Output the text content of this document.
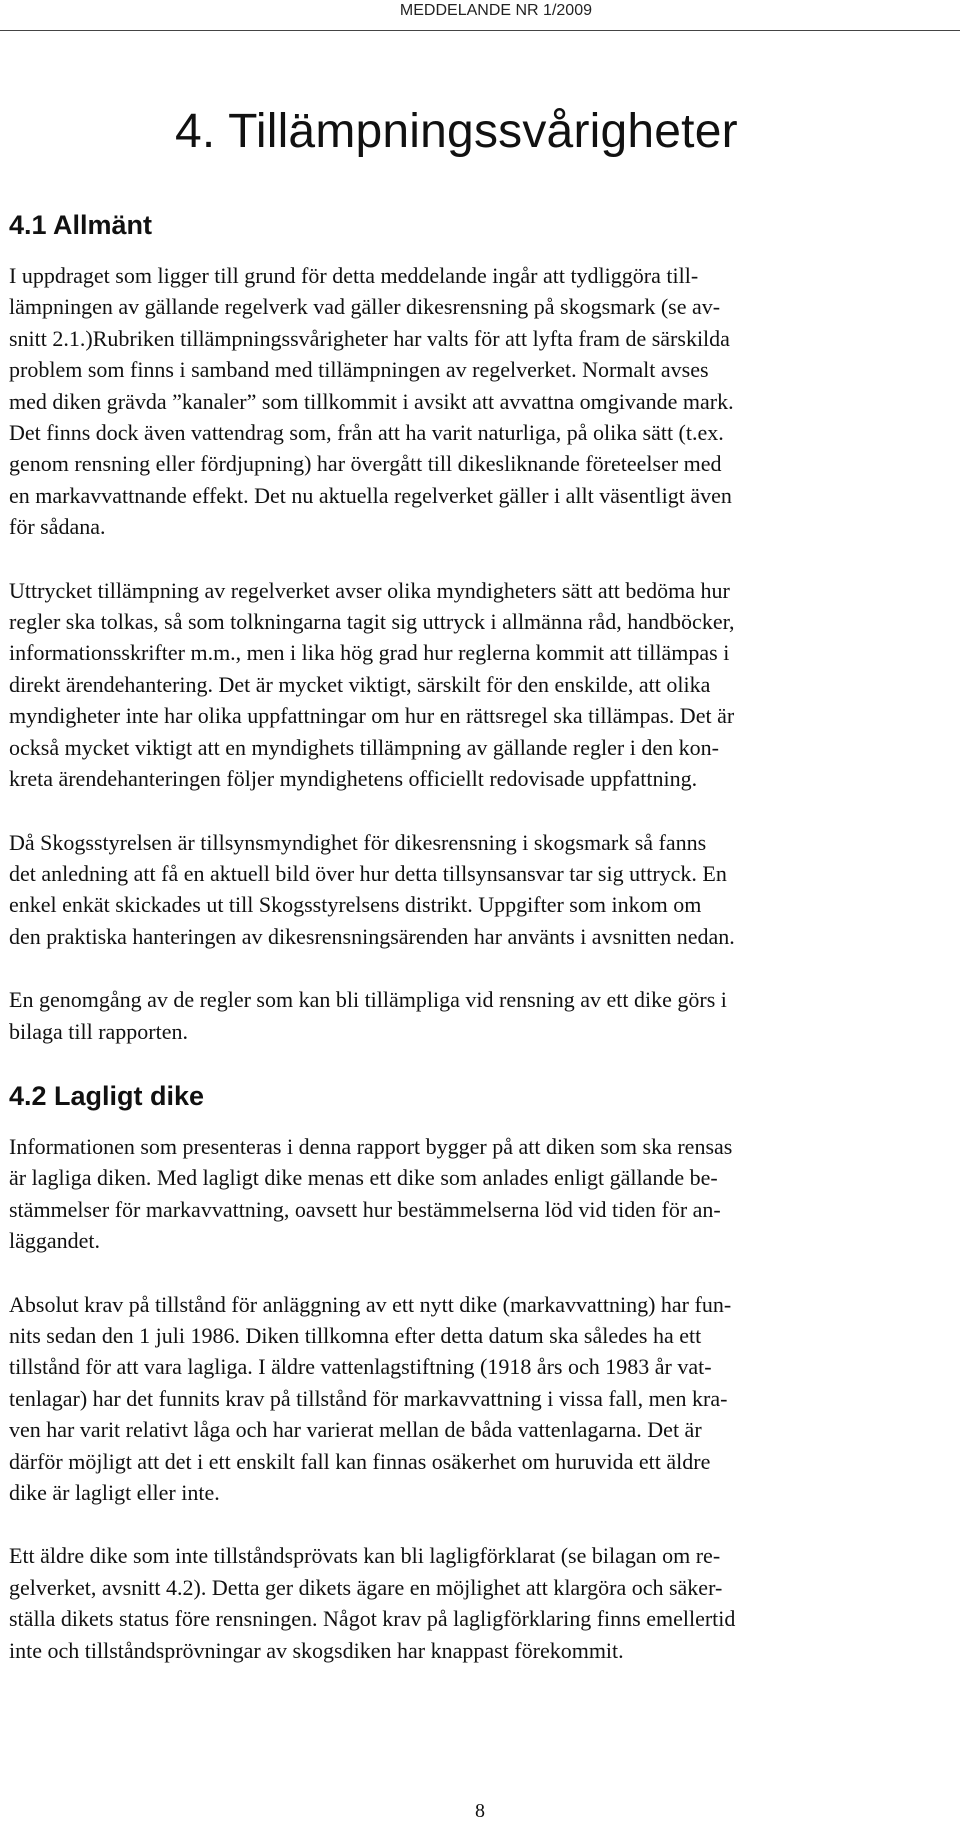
MEDDELANDE NR 1/2009
4. Tillämpningssvårigheter
4.1 Allmänt

I uppdraget som ligger till grund för detta meddelande ingår att tydliggöra till-
lämpningen av gällande regelverk vad gäller dikesrensning på skogsmark (se av-
snitt 2.1.)Rubriken tillämpningssvårigheter har valts för att lyfta fram de särskilda
problem som finns i samband med tillämpningen av regelverket. Normalt avses
med diken grävda ”kanaler” som tillkommit i avsikt att avvattna omgivande mark.
Det finns dock även vattendrag som, från att ha varit naturliga, på olika sätt (t.ex.
genom rensning eller fördjupning) har övergått till dikesliknande företeelser med
en markavvattnande effekt. Det nu aktuella regelverket gäller i allt väsentligt även
för sådana.

Uttrycket tillämpning av regelverket avser olika myndigheters sätt att bedöma hur
regler ska tolkas, så som tolkningarna tagit sig uttryck i allmänna råd, handböcker,
informationsskrifter m.m., men i lika hög grad hur reglerna kommit att tillämpas i
direkt ärendehantering. Det är mycket viktigt, särskilt för den enskilde, att olika
myndigheter inte har olika uppfattningar om hur en rättsregel ska tillämpas. Det är
också mycket viktigt att en myndighets tillämpning av gällande regler i den kon-
kreta ärendehanteringen följer myndighetens officiellt redovisade uppfattning.

Då Skogsstyrelsen är tillsynsmyndighet för dikesrensning i skogsmark så fanns
det anledning att få en aktuell bild över hur detta tillsynsansvar tar sig uttryck. En
enkel enkät skickades ut till Skogsstyrelsens distrikt. Uppgifter som inkom om
den praktiska hanteringen av dikesrensningsärenden har använts i avsnitten nedan.

En genomgång av de regler som kan bli tillämpliga vid rensning av ett dike görs i
bilaga till rapporten.

4.2 Lagligt dike

Informationen som presenteras i denna rapport bygger på att diken som ska rensas
är lagliga diken. Med lagligt dike menas ett dike som anlades enligt gällande be-
stämmelser för markavvattning, oavsett hur bestämmelserna löd vid tiden för an-
läggandet.

Absolut krav på tillstånd för anläggning av ett nytt dike (markavvattning) har fun-
nits sedan den 1 juli 1986. Diken tillkomna efter detta datum ska således ha ett
tillstånd för att vara lagliga. I äldre vattenlagstiftning (1918 års och 1983 år vat-
tenlagar) har det funnits krav på tillstånd för markavvattning i vissa fall, men kra-
ven har varit relativt låga och har varierat mellan de båda vattenlagarna. Det är
därför möjligt att det i ett enskilt fall kan finnas osäkerhet om huruvida ett äldre
dike är lagligt eller inte.

Ett äldre dike som inte tillståndsprövats kan bli lagligförklarat (se bilagan om re-
gelverket, avsnitt 4.2). Detta ger dikets ägare en möjlighet att klargöra och säker-
ställa dikets status före rensningen. Något krav på lagligförklaring finns emellertid
inte och tillståndsprövningar av skogsdiken har knappast förekommit.

8
